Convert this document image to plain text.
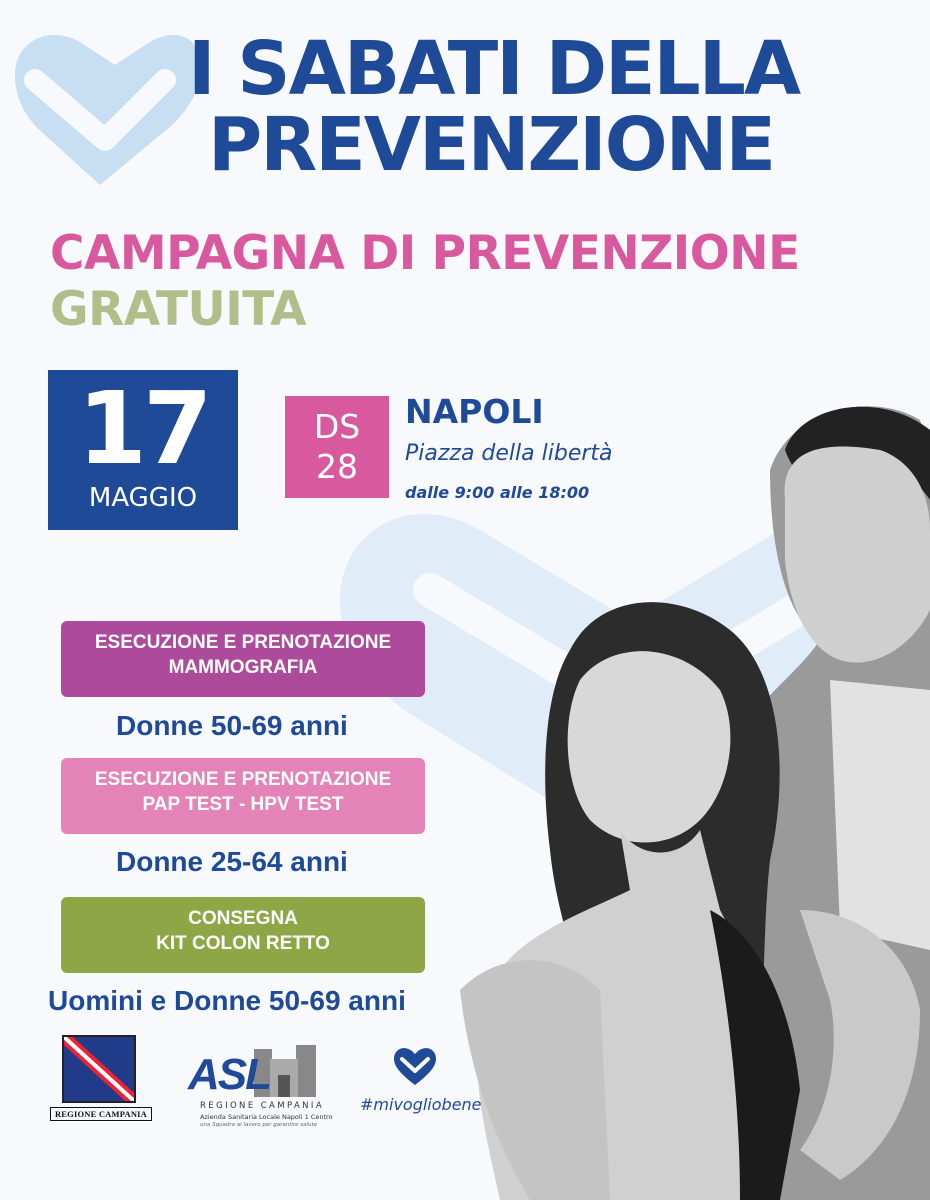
I SABATI DELLA
PREVENZIONE
CAMPAGNA DI PREVENZIONE
GRATUITA
17
MAGGIO
DS
28
NAPOLI
Piazza della libertà
dalle 9:00 alle 18:00
ESECUZIONE E PRENOTAZIONE
MAMMOGRAFIA
Donne 50-69 anni
ESECUZIONE E PRENOTAZIONE
PAP TEST - HPV TEST
Donne 25-64 anni
CONSEGNA
KIT COLON RETTO
Uomini e Donne 50-69 anni
REGIONE CAMPANIA
ASL
REGIONE CAMPANIA
Azienda Sanitaria Locale Napoli 1 Centro
una Squadra al lavoro per garantire salute
#mivogliobene
